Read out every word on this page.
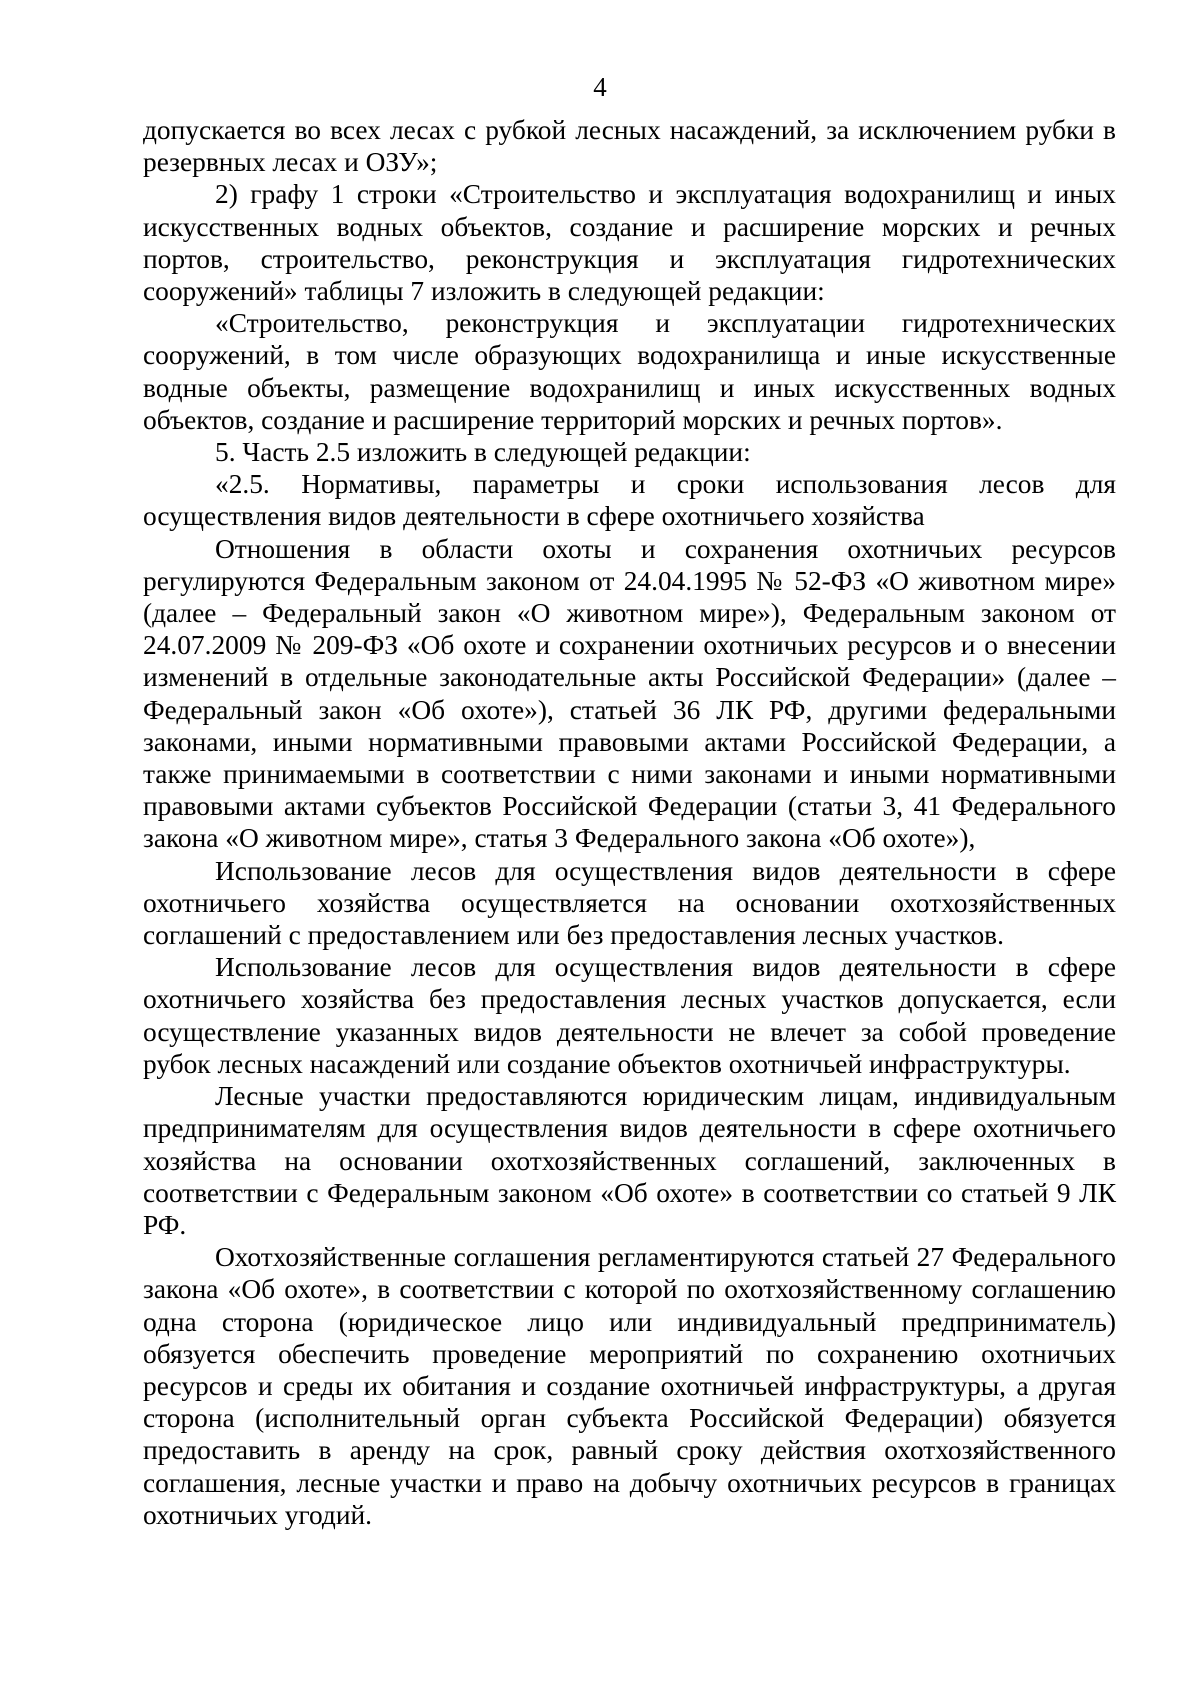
4

допускается во всех лесах с рубкой лесных насаждений, за исключением рубки в резервных лесах и ОЗУ»;

2) графу 1 строки «Строительство и эксплуатация водохранилищ и иных искусственных водных объектов, создание и расширение морских и речных портов, строительство, реконструкция и эксплуатация гидротехнических сооружений» таблицы 7 изложить в следующей редакции:

«Строительство, реконструкция и эксплуатации гидротехнических сооружений, в том числе образующих водохранилища и иные искусственные водные объекты, размещение водохранилищ и иных искусственных водных объектов, создание и расширение территорий морских и речных портов».

5. Часть 2.5 изложить в следующей редакции:

«2.5. Нормативы, параметры и сроки использования лесов для осуществления видов деятельности в сфере охотничьего хозяйства

Отношения в области охоты и сохранения охотничьих ресурсов регулируются Федеральным законом от 24.04.1995 № 52-ФЗ «О животном мире» (далее – Федеральный закон «О животном мире»), Федеральным законом от 24.07.2009 № 209-ФЗ «Об охоте и сохранении охотничьих ресурсов и о внесении изменений в отдельные законодательные акты Российской Федерации» (далее – Федеральный закон «Об охоте»), статьей 36 ЛК РФ, другими федеральными законами, иными нормативными правовыми актами Российской Федерации, а также принимаемыми в соответствии с ними законами и иными нормативными правовыми актами субъектов Российской Федерации (статьи 3, 41 Федерального закона «О животном мире», статья 3 Федерального закона «Об охоте»),

Использование лесов для осуществления видов деятельности в сфере охотничьего хозяйства осуществляется на основании охотхозяйственных соглашений с предоставлением или без предоставления лесных участков.

Использование лесов для осуществления видов деятельности в сфере охотничьего хозяйства без предоставления лесных участков допускается, если осуществление указанных видов деятельности не влечет за собой проведение рубок лесных насаждений или создание объектов охотничьей инфраструктуры.

Лесные участки предоставляются юридическим лицам, индивидуальным предпринимателям для осуществления видов деятельности в сфере охотничьего хозяйства на основании охотхозяйственных соглашений, заключенных в соответствии с Федеральным законом «Об охоте» в соответствии со статьей 9 ЛК РФ.

Охотхозяйственные соглашения регламентируются статьей 27 Федерального закона «Об охоте», в соответствии с которой по охотхозяйственному соглашению одна сторона (юридическое лицо или индивидуальный предприниматель) обязуется обеспечить проведение мероприятий по сохранению охотничьих ресурсов и среды их обитания и создание охотничьей инфраструктуры, а другая сторона (исполнительный орган субъекта Российской Федерации) обязуется предоставить в аренду на срок, равный сроку действия охотхозяйственного соглашения, лесные участки и право на добычу охотничьих ресурсов в границах охотничьих угодий.
